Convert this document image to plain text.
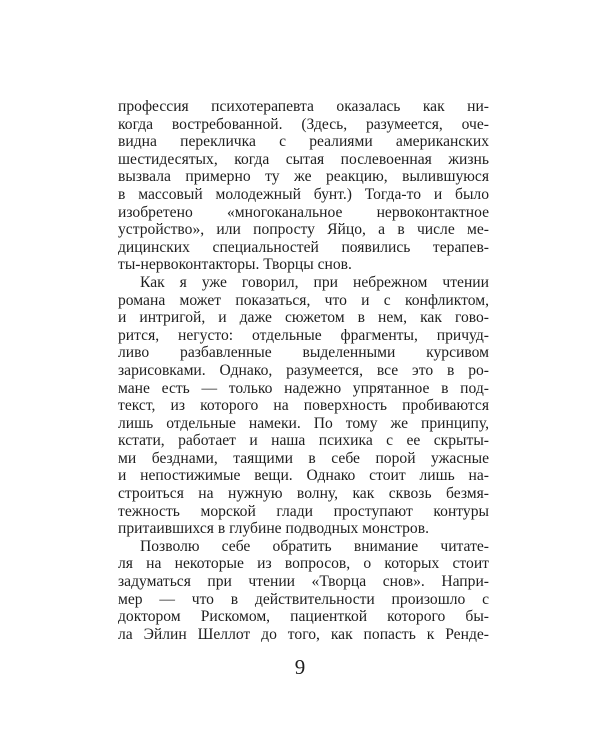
профессия психотерапевта оказалась как ни-
когда востребованной. (Здесь, разумеется, оче-
видна перекличка с реалиями американских
шестидесятых, когда сытая послевоенная жизнь
вызвала примерно ту же реакцию, вылившуюся
в массовый молодежный бунт.) Тогда-то и было
изобретено «многоканальное нервоконтактное
устройство», или попросту Яйцо, а в числе ме-
дицинских специальностей появились терапев-
ты-нервоконтакторы. Творцы снов.
Как я уже говорил, при небрежном чтении
романа может показаться, что и с конфликтом,
и интригой, и даже сюжетом в нем, как гово-
рится, негусто: отдельные фрагменты, причуд-
ливо разбавленные выделенными курсивом
зарисовками. Однако, разумеется, все это в ро-
мане есть — только надежно упрятанное в под-
текст, из которого на поверхность пробиваются
лишь отдельные намеки. По тому же принципу,
кстати, работает и наша психика с ее скрыты-
ми безднами, таящими в себе порой ужасные
и непостижимые вещи. Однако стоит лишь на-
строиться на нужную волну, как сквозь безмя-
тежность морской глади проступают контуры
притаившихся в глубине подводных монстров.
Позволю себе обратить внимание читате-
ля на некоторые из вопросов, о которых стоит
задуматься при чтении «Творца снов». Напри-
мер — что в действительности произошло с
доктором Рискомом, пациенткой которого бы-
ла Эйлин Шеллот до того, как попасть к Ренде-
9
